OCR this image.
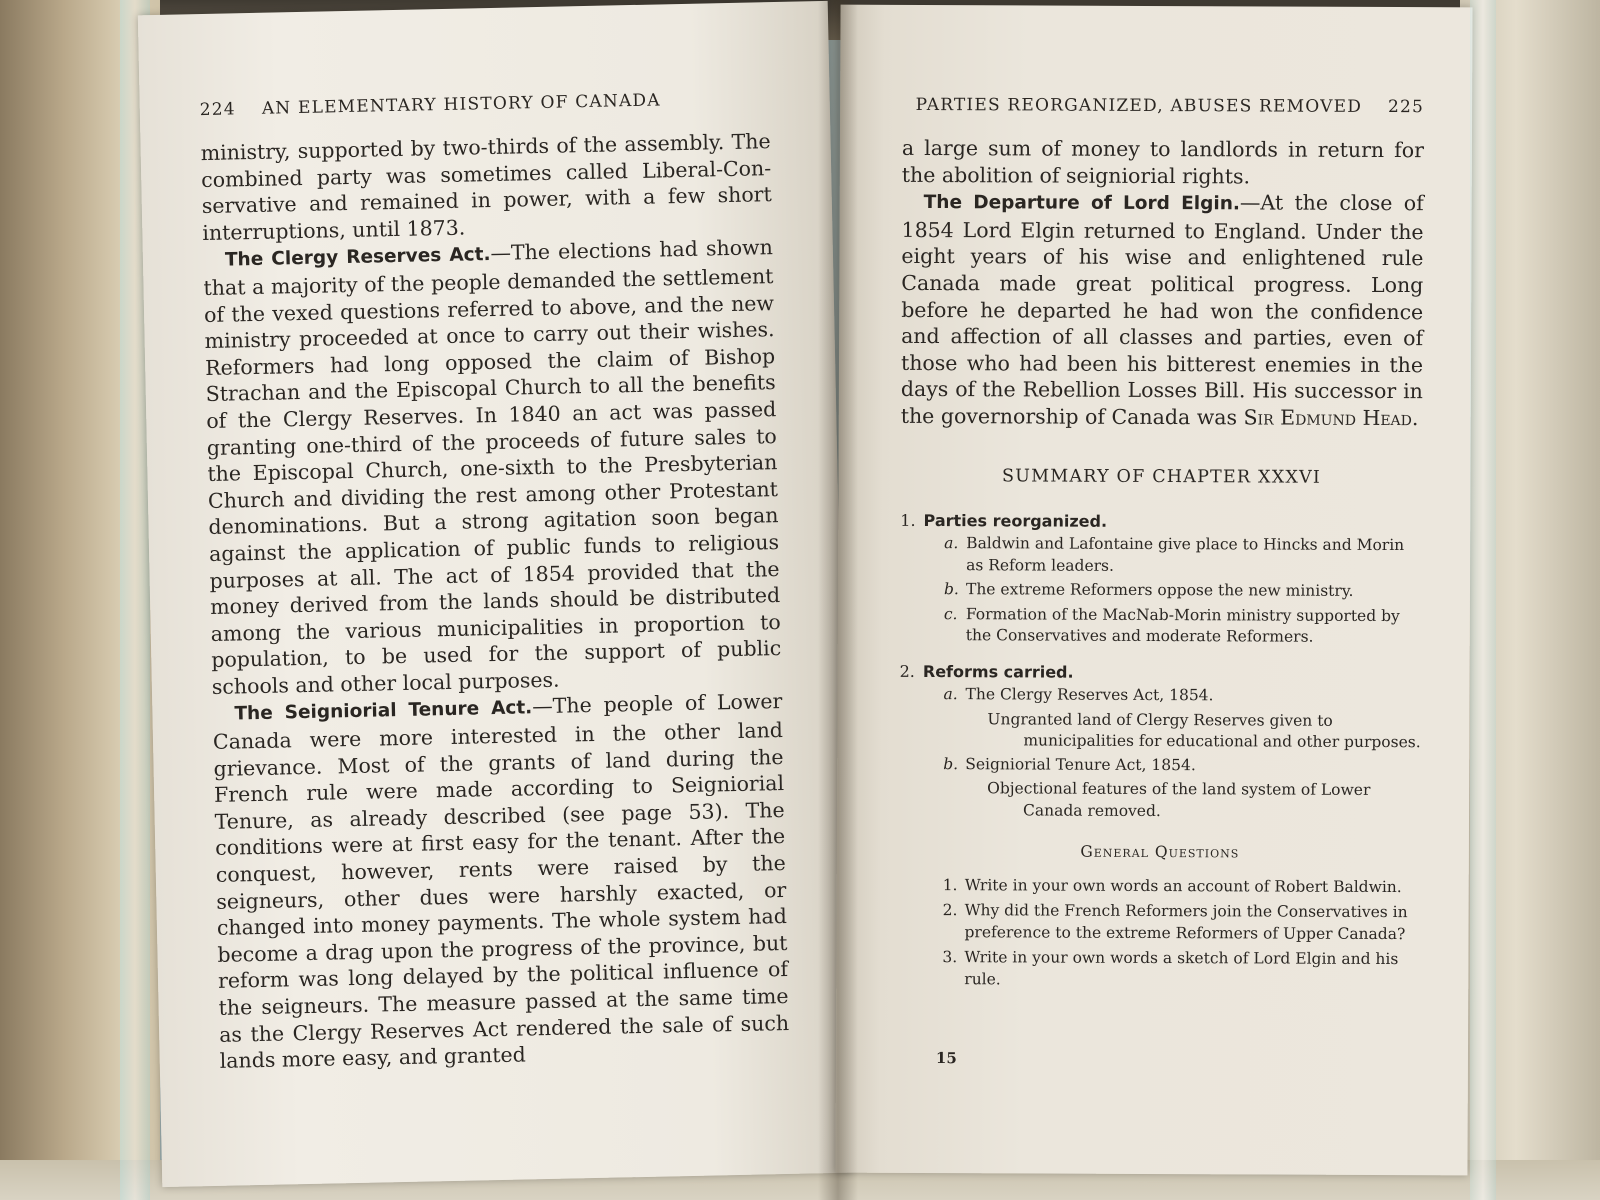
224 AN ELEMENTARY HISTORY OF CANADA

ministry, supported by two-thirds of the assembly. The combined party was sometimes called Liberal-Conservative and remained in power, with a few short interruptions, until 1873.

The Clergy Reserves Act.—The elections had shown that a majority of the people demanded the settlement of the vexed questions referred to above, and the new ministry proceeded at once to carry out their wishes. Reformers had long opposed the claim of Bishop Strachan and the Episcopal Church to all the benefits of the Clergy Reserves. In 1840 an act was passed granting one-third of the proceeds of future sales to the Episcopal Church, one-sixth to the Presbyterian Church and dividing the rest among other Protestant denominations. But a strong agitation soon began against the application of public funds to religious purposes at all. The act of 1854 provided that the money derived from the lands should be distributed among the various municipalities in proportion to population, to be used for the support of public schools and other local purposes.

The Seigniorial Tenure Act.—The people of Lower Canada were more interested in the other land grievance. Most of the grants of land during the French rule were made according to Seigniorial Tenure, as already described (see page 53). The conditions were at first easy for the tenant. After the conquest, however, rents were raised by the seigneurs, other dues were harshly exacted, or changed into money payments. The whole system had become a drag upon the progress of the province, but reform was long delayed by the political influence of the seigneurs. The measure passed at the same time as the Clergy Reserves Act rendered the sale of such lands more easy, and granted

PARTIES REORGANIZED, ABUSES REMOVED 225

a large sum of money to landlords in return for the abolition of seigniorial rights.

The Departure of Lord Elgin.—At the close of 1854 Lord Elgin returned to England. Under the eight years of his wise and enlightened rule Canada made great political progress. Long before he departed he had won the confidence and affection of all classes and parties, even of those who had been his bitterest enemies in the days of the Rebellion Losses Bill. His successor in the governorship of Canada was Sir Edmund Head.

SUMMARY OF CHAPTER XXXVI
1. Parties reorganized.
a. Baldwin and Lafontaine give place to Hincks and Morin as Reform leaders.
b. The extreme Reformers oppose the new ministry.
c. Formation of the MacNab-Morin ministry supported by the Conservatives and moderate Reformers.
2. Reforms carried.
a. The Clergy Reserves Act, 1854.
Ungranted land of Clergy Reserves given to municipalities for educational and other purposes.
b. Seigniorial Tenure Act, 1854.
Objectional features of the land system of Lower Canada removed.
General Questions
1. Write in your own words an account of Robert Baldwin.
2. Why did the French Reformers join the Conservatives in preference to the extreme Reformers of Upper Canada?
3. Write in your own words a sketch of Lord Elgin and his rule.
15
